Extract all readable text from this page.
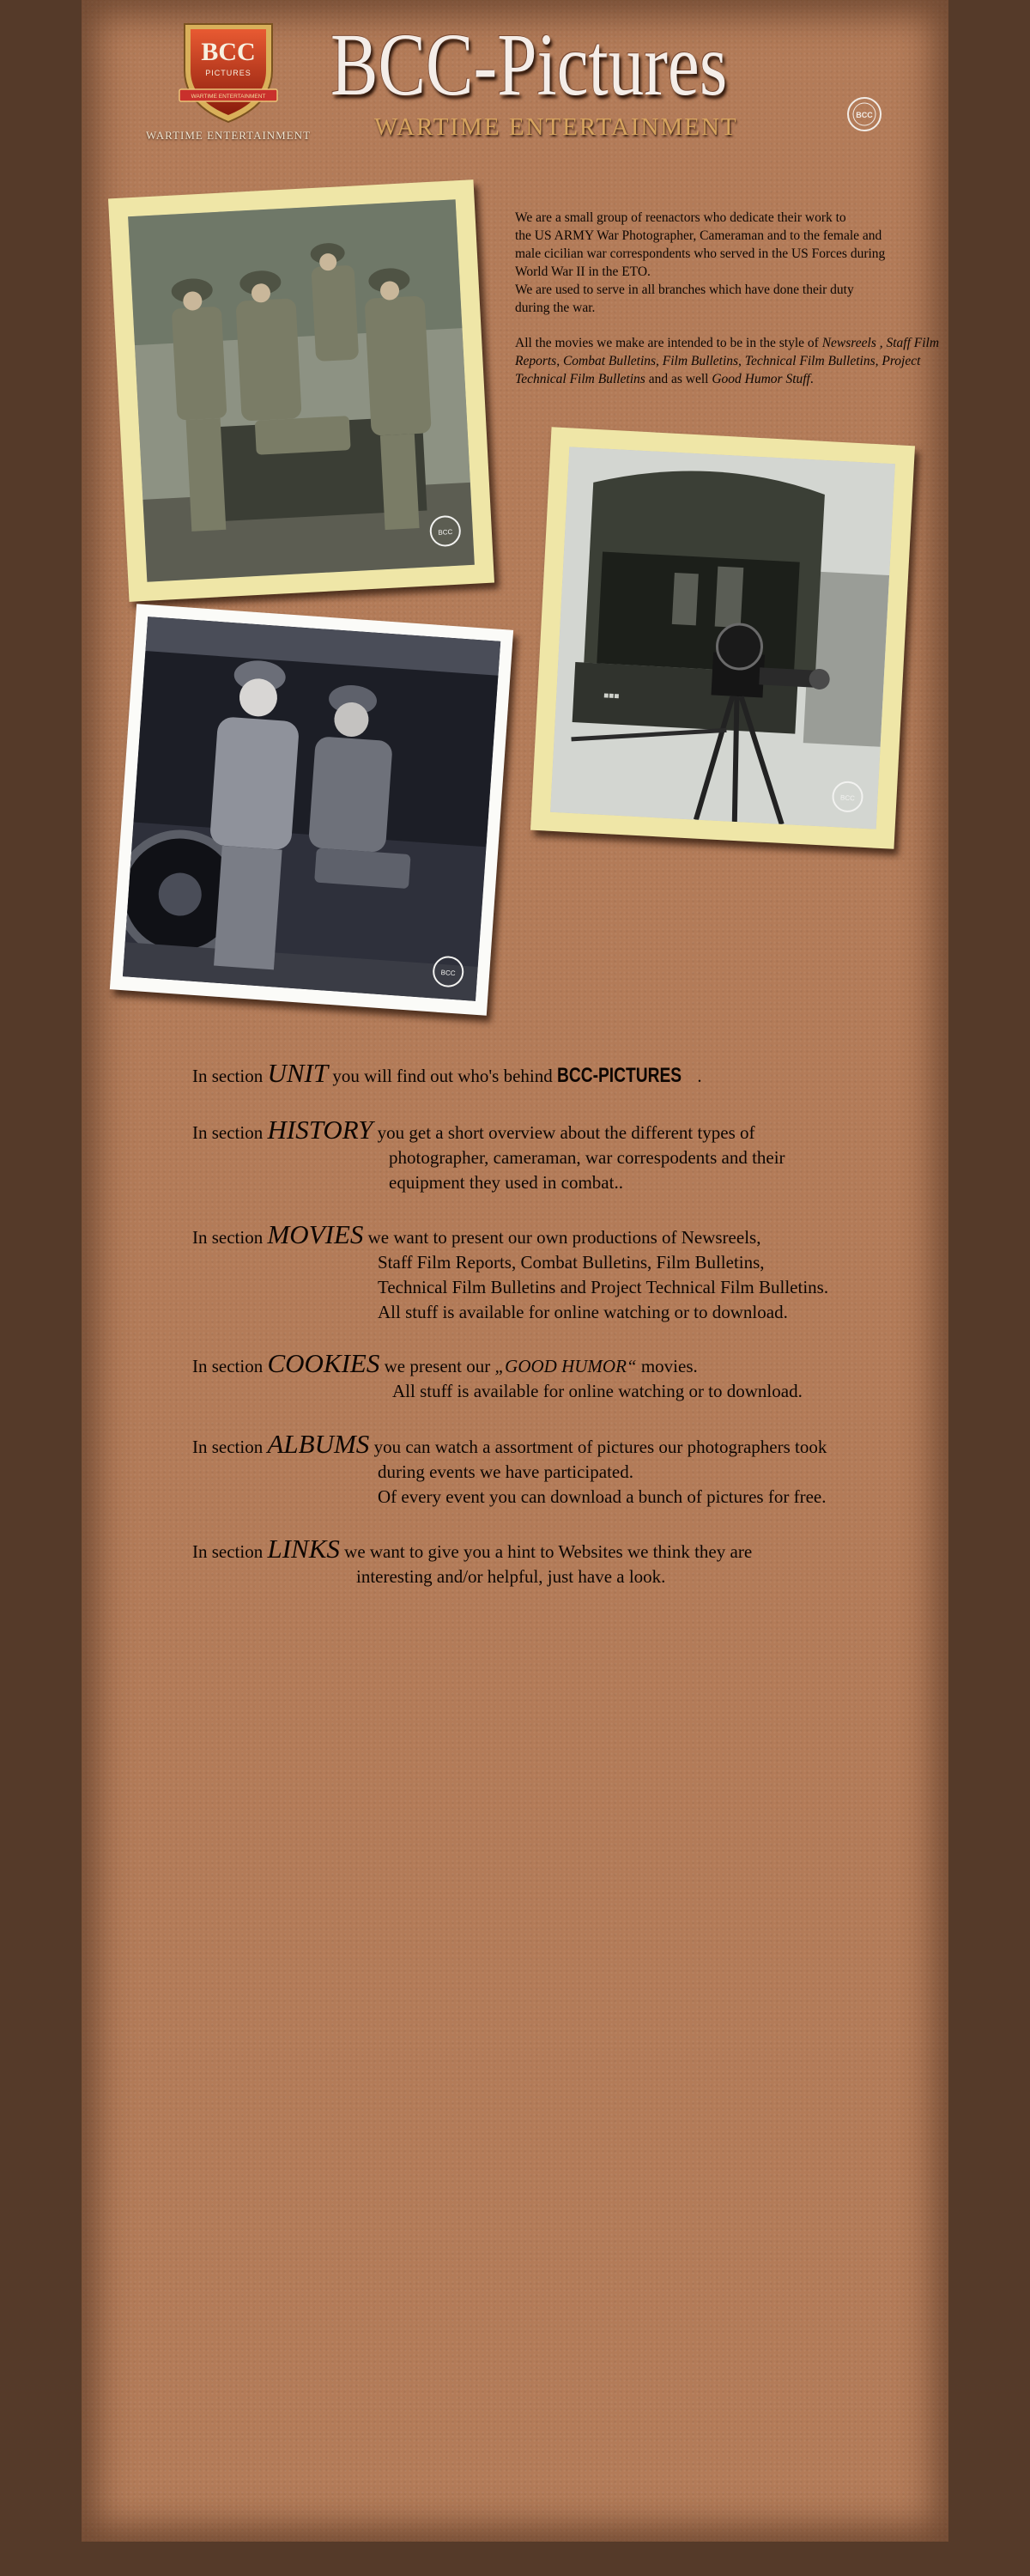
BCC
PICTURES
WARTIME ENTERTAINMENT
WARTIME ENTERTAINMENT
BCC-Pictures
WARTIME ENTERTAINMENT	BCC

We are a small group of reenactors who dedicate their work to

the US ARMY War Photographer, Cameraman and to the female and

male cicilian war correspondents who served in the US Forces during

World War II in the ETO.

We are used to serve in all branches which have done their duty

during the war.

All the movies we make are intended to be in the style of Newsreels , Staff Film Reports, Combat Bulletins, Film Bulletins, Technical Film Bulletins, Project Technical Film Bulletins and as well Good Humor Stuff.

BCC
■■■
BCC
BCC
In section UNIT you will find out who's behind BCC-PICTURES .
In section HISTORY you get a short overview about the different types of
photographer, cameraman, war correspodents and their
equipment they used in combat..
In section MOVIES we want to present our own productions of Newsreels,
Staff Film Reports, Combat Bulletins, Film Bulletins,
Technical Film Bulletins and Project Technical Film Bulletins.
All stuff is available for online watching or to download.
In section COOKIES we present our „GOOD HUMOR“ movies.
All stuff is available for online watching or to download.
In section ALBUMS you can watch a assortment of pictures our photographers took
during events we have participated.
Of every event you can download a bunch of pictures for free.
In section LINKS we want to give you a hint to Websites we think they are
interesting and/or helpful, just have a look.
